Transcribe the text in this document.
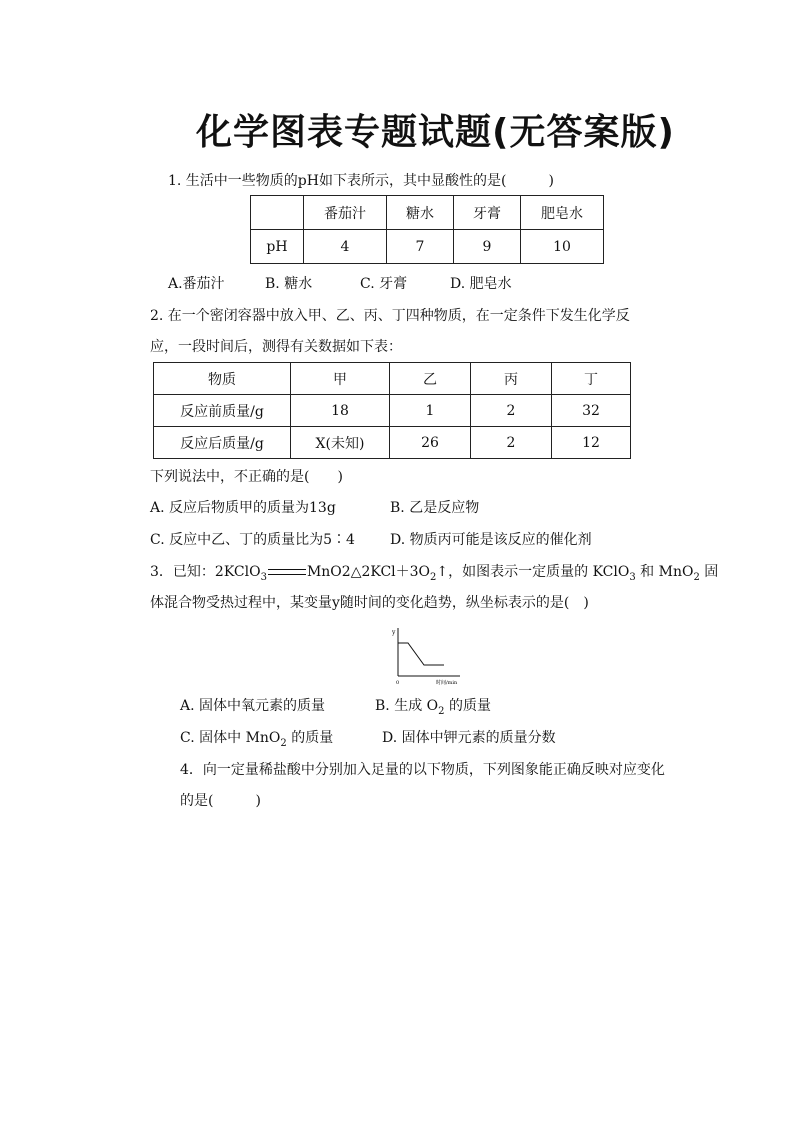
化学图表专题试题(无答案版)
1. 生活中一些物质的pH如下表所示，其中显酸性的是(　　　)
	番茄汁	糖水	牙膏	肥皂水
pH	4	7	9	10
A.番茄汁	B. 糖水	C. 牙膏	D. 肥皂水
2. 在一个密闭容器中放入甲、乙、丙、丁四种物质，在一定条件下发生化学反
应，一段时间后，测得有关数据如下表：
物质	甲	乙	丙	丁
反应前质量/g	18	1	2	32
反应后质量/g	X(未知)	26	2	12
下列说法中，不正确的是(　　)
A. 反应后物质甲的质量为13g	B. 乙是反应物
C. 反应中乙、丁的质量比为5∶4	D. 物质丙可能是该反应的催化剂
3．已知：2KClO$_3$	$MnO2\triangle 2KCl+3O_2↑$，如图表示一定质量的 KClO$_3$ 和 MnO$_2$ 固
体混合物受热过程中，某变量y随时间的变化趋势，纵坐标表示的是(　)
y
0	时间/min
A. 固体中氧元素的质量	B. 生成 $O_2$ 的质量
C. 固体中 MnO$_2$ 的质量	D. 固体中钾元素的质量分数
4．向一定量稀盐酸中分别加入足量的以下物质，下列图象能正确反映对应变化
的是(　　　)
